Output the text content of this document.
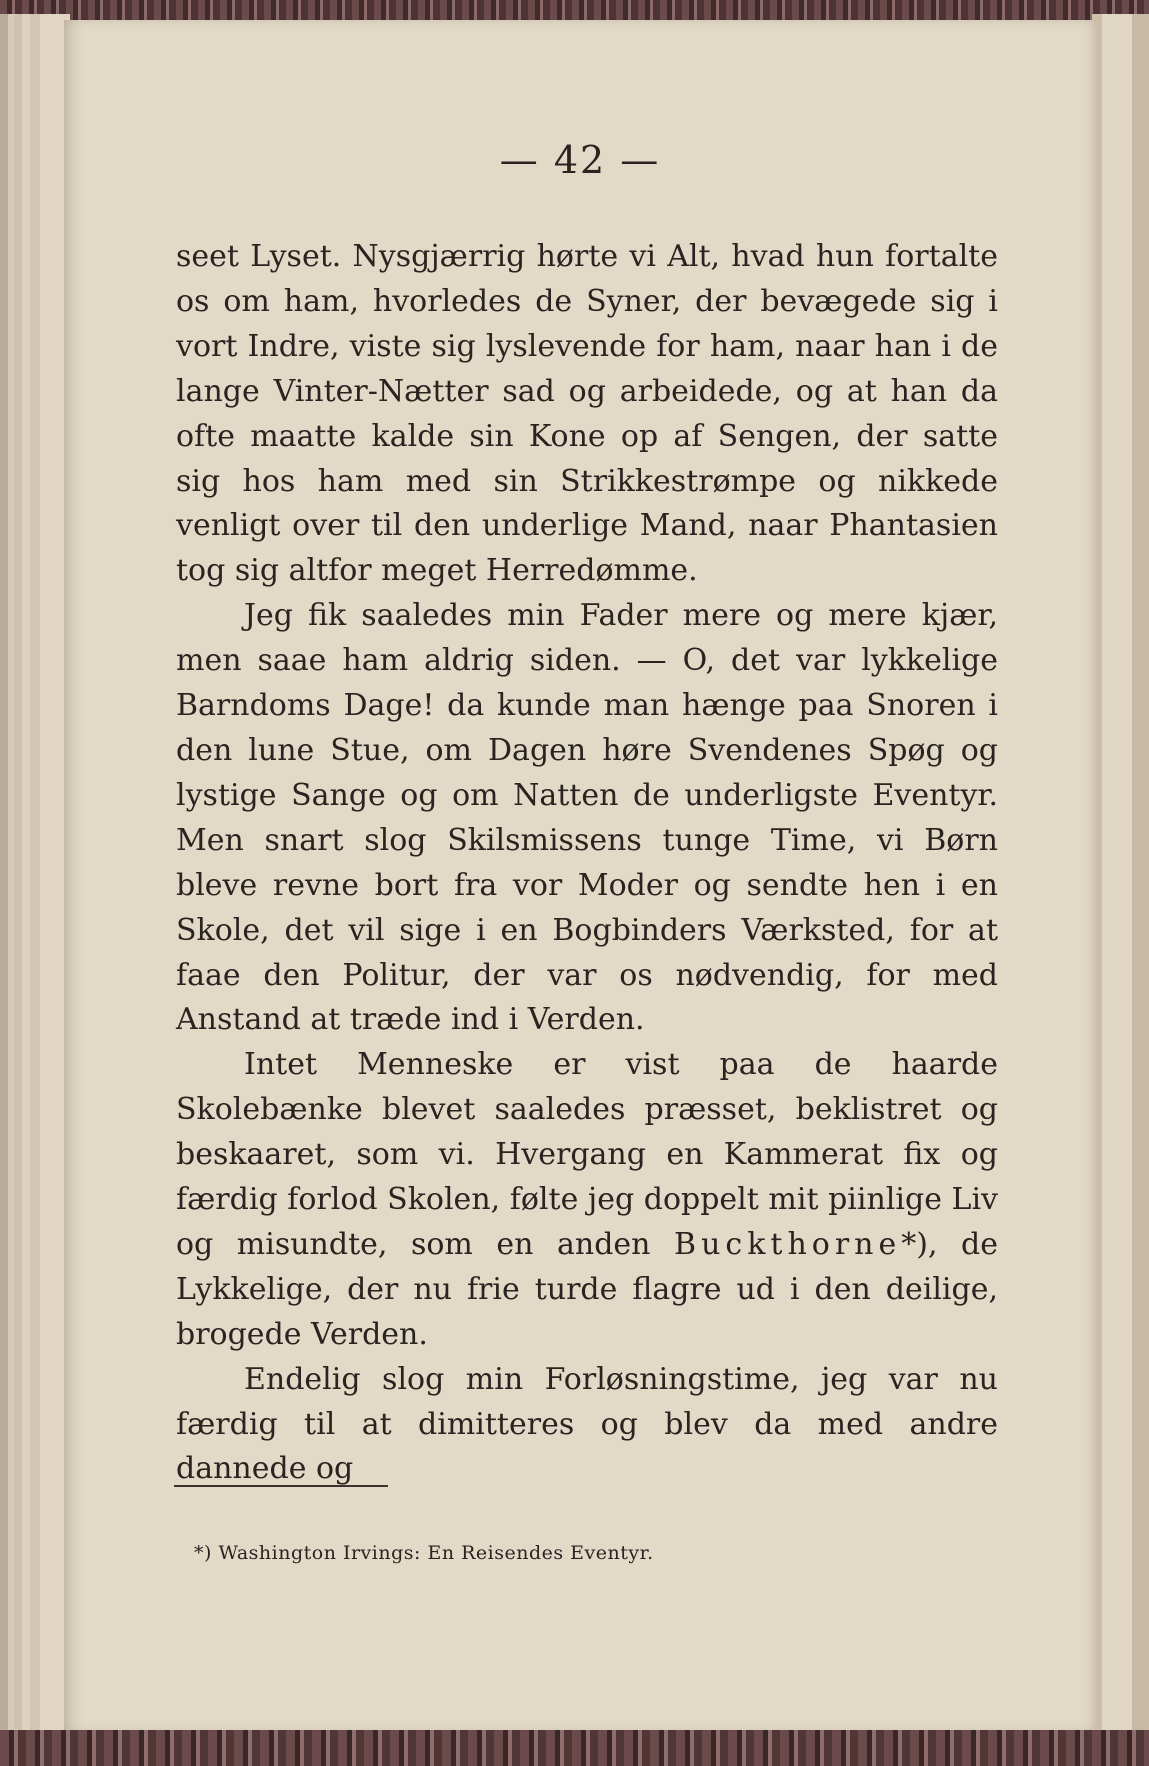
— 42 —

seet Lyset. Nysgjærrig hørte vi Alt, hvad hun fortalte os om ham, hvorledes de Syner, der bevægede sig i vort Indre, viste sig lyslevende for ham, naar han i de lange Vinter-Nætter sad og arbeidede, og at han da ofte maatte kalde sin Kone op af Sengen, der satte sig hos ham med sin Strikkestrømpe og nikkede venligt over til den underlige Mand, naar Phantasien tog sig altfor meget Herredømme.

Jeg fik saaledes min Fader mere og mere kjær, men saae ham aldrig siden. — O, det var lykkelige Barndoms Dage! da kunde man hænge paa Snoren i den lune Stue, om Dagen høre Svendenes Spøg og lystige Sange og om Natten de underligste Eventyr. Men snart slog Skilsmissens tunge Time, vi Børn bleve revne bort fra vor Moder og sendte hen i en Skole, det vil sige i en Bogbinders Værksted, for at faae den Politur, der var os nødvendig, for med Anstand at træde ind i Verden.

Intet Menneske er vist paa de haarde Skolebænke blevet saaledes præsset, beklistret og beskaaret, som vi. Hvergang en Kammerat fix og færdig forlod Skolen, følte jeg doppelt mit piinlige Liv og misundte, som en anden Buckthorne*), de Lykkelige, der nu frie turde flagre ud i den deilige, brogede Verden.

Endelig slog min Forløsningstime, jeg var nu færdig til at dimitteres og blev da med andre dannede og

*) Washington Irvings: En Reisendes Eventyr.
